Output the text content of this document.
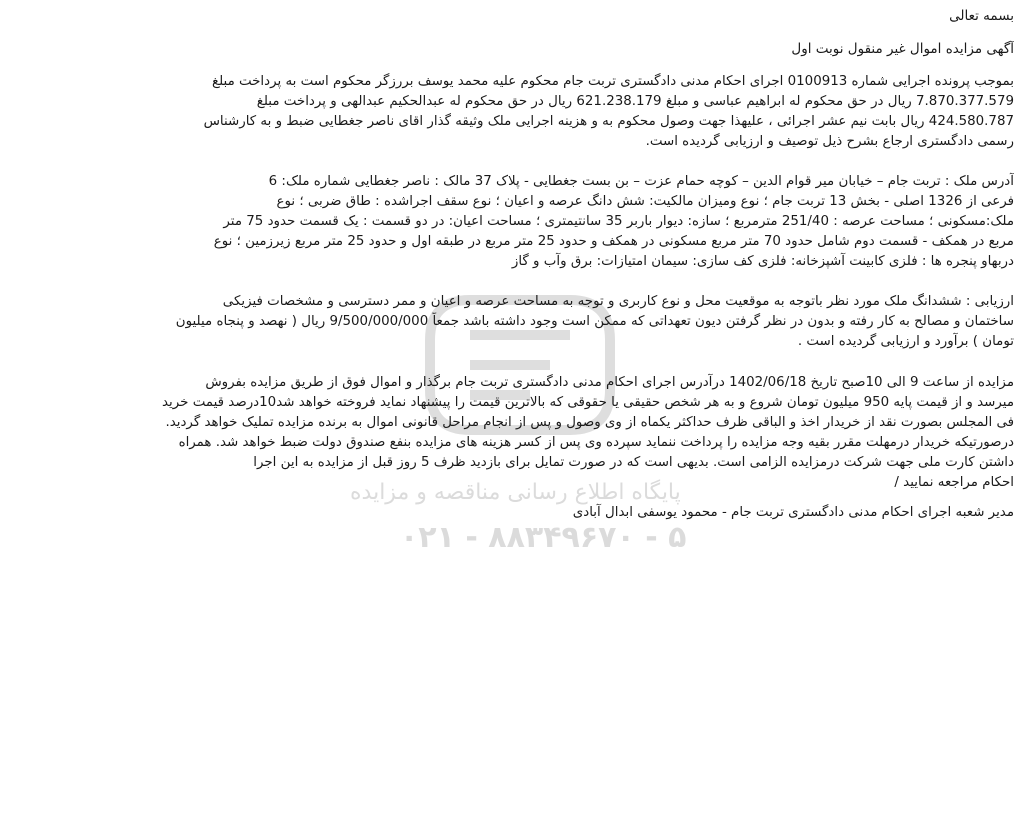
پایگاه اطلاع رسانی مناقصه و مزایده
۰۲۱ - ۸۸۳۴۹۶۷۰ - ۵
بسمه تعالی
آگهی مزایده اموال غیر منقول نوبت اول
بموجب پرونده اجرایی شماره 0100913 اجرای احکام مدنی دادگستری تربت جام محکوم علیه محمد یوسف بررزگر محکوم است به پرداخت مبلغ
7.870.377.579 ریال در حق محکوم له ابراهیم عباسی و مبلغ 621.238.179 ریال در حق محکوم له عبدالحکیم عبدالهی و پرداخت مبلغ
424.580.787 ریال بابت نیم عشر اجرائی ، علیهذا جهت وصول محکوم به و هزینه اجرایی ملک وثیقه گذار اقای ناصر جغطایی ضبط و به کارشناس
رسمی دادگستری ارجاع بشرح ذیل توصیف و ارزیابی گردیده است.
آدرس ملک : تربت جام – خیابان میر قوام الدین – کوچه حمام عزت – بن بست جغطایی - پلاک 37 مالک : ناصر جغطایی شماره ملک: 6
فرعی از 1326 اصلی - بخش 13 تربت جام ؛ نوع ومیزان مالکیت: شش دانگ عرصه و اعیان ؛ نوع سقف اجراشده : طاق ضربی ؛ نوع
ملک:مسکونی ؛ مساحت عرصه : 251/40 مترمربع ؛ سازه: دیوار باربر 35 سانتیمتری ؛ مساحت اعیان: در دو قسمت : یک قسمت حدود 75 متر
مربع در همکف - قسمت دوم شامل حدود 70 متر مربع مسکونی در همکف و حدود 25 متر مربع در طبقه اول و حدود 25 متر مربع زیرزمین ؛ نوع
دربهاو پنجره ها : فلزی کابینت آشپزخانه: فلزی کف سازی: سیمان امتیازات: برق وآب و گاز
ارزیابی : ششدانگ ملک مورد نظر باتوجه به موقعیت محل و نوع کاربری و توجه به مساحت عرصه و اعیان و ممر دسترسی و مشخصات فیزیکی
ساختمان و مصالح به کار رفته و بدون در نظر گرفتن دیون تعهداتی که ممکن است وجود داشته باشد جمعاً 9/500/000/000 ریال ( نهصد و پنجاه میلیون
تومان ) برآورد و ارزیابی گردیده است .
مزایده از ساعت 9 الی 10صبح تاریخ 1402/06/18 درآدرس اجرای احکام مدنی دادگستری تربت جام برگذار و اموال فوق از طریق مزایده بفروش
میرسد و از قیمت پایه 950 میلیون تومان شروع و به هر شخص حقیقی یا حقوقی که بالاترین قیمت را پیشنهاد نماید فروخته خواهد شد10درصد قیمت خرید
فی المجلس بصورت نقد از خریدار اخذ و الباقی ظرف حداکثر یکماه از وی وصول و پس از انجام مراحل قانونی اموال به برنده مزایده تملیک خواهد گردید.
درصورتیکه خریدار درمهلت مقرر بقیه وجه مزایده را پرداخت ننماید سپرده وی پس از کسر هزینه های مزایده بنفع صندوق دولت ضبط خواهد شد. همراه
داشتن کارت ملی جهت شرکت درمزایده الزامی است. بدیهی است که در صورت تمایل برای بازدید ظرف 5 روز قبل از مزایده به این اجرا
احکام مراجعه نمایید /
مدیر شعبه اجرای احکام مدنی دادگستری تربت جام - محمود یوسفی ابدال آبادی
